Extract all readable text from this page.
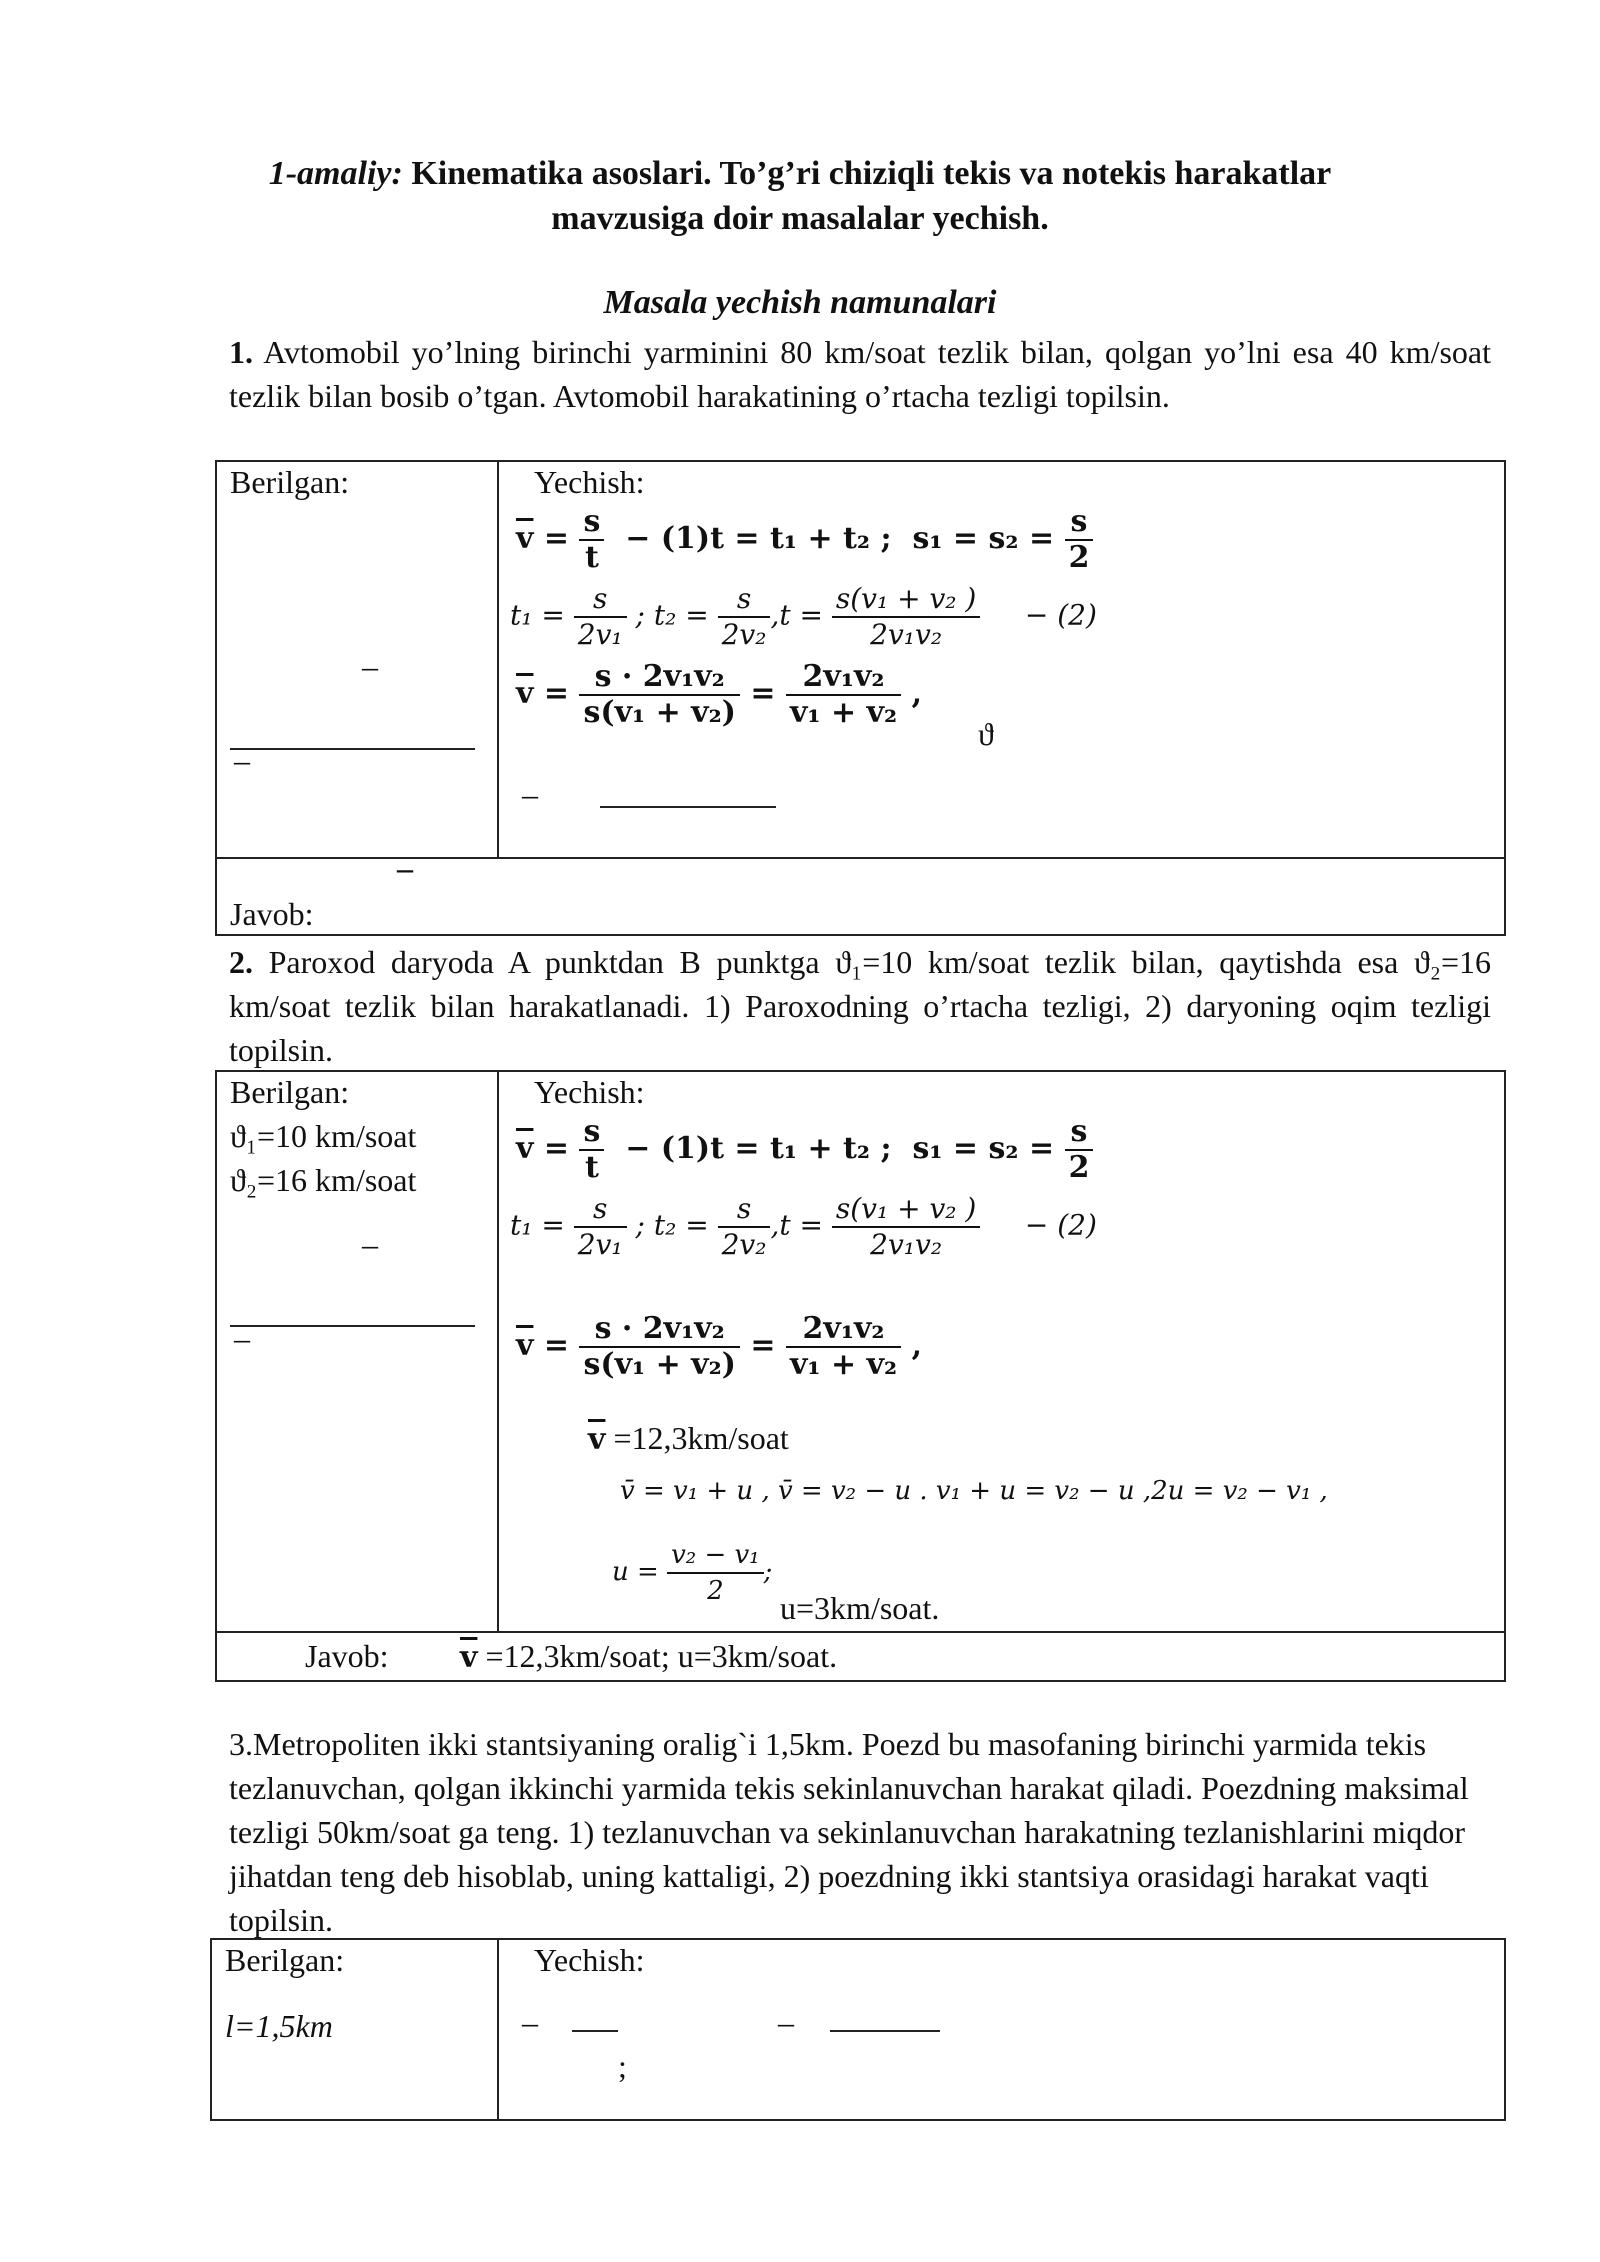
1-amaliy: Kinematika asoslari. To’g’ri chiziqli tekis va notekis harakatlar
mavzusiga doir masalalar yechish.
Masala yechish namunalari
1. Avtomobil yo’lning birinchi yarminini 80 km/soat tezlik bilan, qolgan yo’lni esa 40 km/soat tezlik bilan bosib o’tgan. Avtomobil harakatining o’rtacha tezligi topilsin.
Berilgan:	Yechish:
–
–
$\overline{v} = \frac{s}{t} - (1)t = t_1 + t_2$ ; $s_1 = s_2 = \frac{s}{2}$
$t_1 = \frac{s}{\text{2v₁}}$ ; $t_2 = \frac{s}{\text{2v₂}} ,t = \frac{\text{s(v₁ + v₂ )}}{\text{2v₁v₂}} - (2)$
$\overline{v} = \frac{\text{s · 2v₁v₂}}{\text{s(v₁ + v₂)}} = \frac{\text{2v₁v₂}}{\text{v₁ + v₂}}$ ,
ϑ
–
–
Javob:
2. Paroxod daryoda A punktdan B punktga ϑ₁=10 km/soat tezlik bilan, qaytishda esa ϑ₂=16 km/soat tezlik bilan harakatlanadi. 1) Paroxodning o’rtacha tezligi, 2) daryoning oqim tezligi topilsin.
Berilgan:
ϑ₁=10 km/soat
ϑ₂=16 km/soat
–
–
Yechish:
$\overline{v} = \frac{s}{t} - (1)t = t_1 + t_2$ ; $s_1 = s_2 = \frac{s}{2}$
$t_1 = \frac{s}{\text{2v₁}}$ ; $t_2 = \frac{s}{\text{2v₂}} ,t = \frac{\text{s(v₁ + v₂ )}}{\text{2v₁v₂}} - (2)$
$\overline{v} = \frac{\text{s · 2v₁v₂}}{\text{s(v₁ + v₂)}} = \frac{\text{2v₁v₂}}{\text{v₁ + v₂}}$ ,
$\overline{v}$ =12,3km/soat
v̄ = v₁ + u , v̄ = v₂ − u . v₁ + u = v₂ − u ,2u = v₂ − v₁ ,
$u = \frac{\text{v₂ − v₁}}{2}$ ;
u=3km/soat.
Javob: $\overline{v}$ =12,3km/soat; u=3km/soat.
3.Metropoliten ikki stantsiyaning oralig`i 1,5km. Poezd bu masofaning birinchi yarmida tekis tezlanuvchan, qolgan ikkinchi yarmida tekis sekinlanuvchan harakat qiladi. Poezdning maksimal tezligi 50km/soat ga teng. 1) tezlanuvchan va sekinlanuvchan harakatning tezlanishlarini miqdor jihatdan teng deb hisoblab, uning kattaligi, 2) poezdning ikki stantsiya orasidagi harakat vaqti topilsin.
Berilgan:
l=1,5km
Yechish:
–	–
;
